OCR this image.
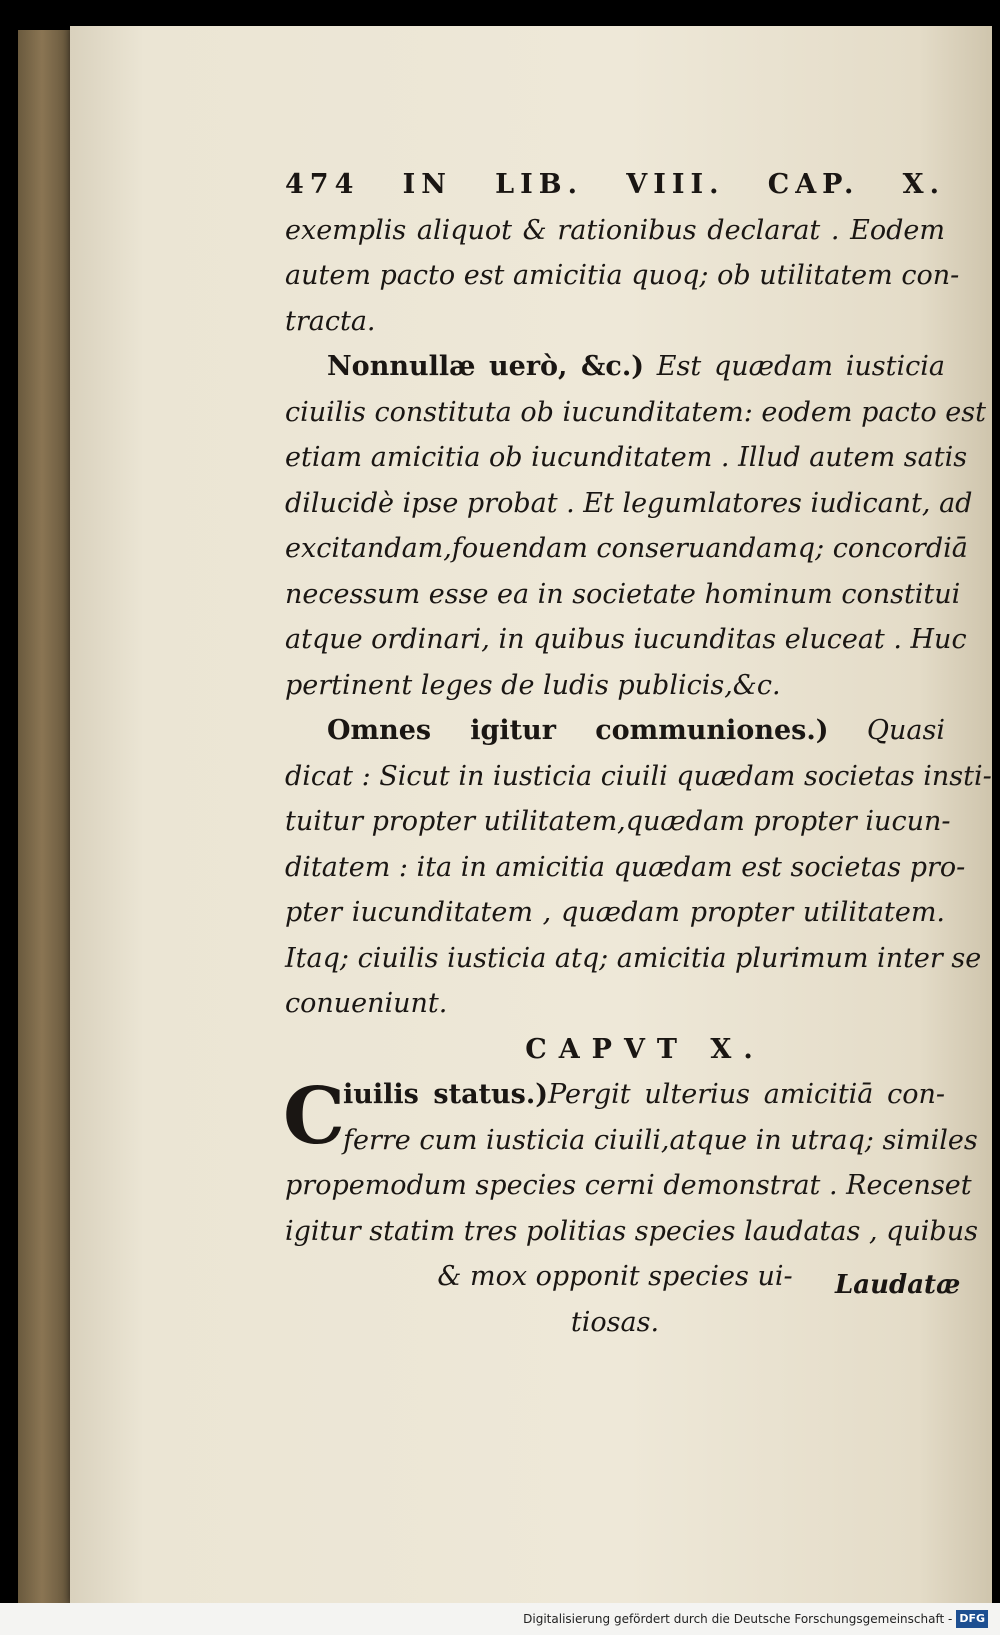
474 IN LIB. VIII. CAP. X.
exemplis aliquot & rationibus declarat . Eodem
autem pacto est amicitia quoq; ob utilitatem con-
tracta.
Nonnullæ uerò, &c.) Est quædam iusticia
ciuilis constituta ob iucunditatem: eodem pacto est
etiam amicitia ob iucunditatem . Illud autem satis
dilucidè ipse probat . Et legumlatores iudicant, ad
excitandam,fouendam conseruandamq; concordiā
necessum esse ea in societate hominum constitui
atque ordinari, in quibus iucunditas eluceat . Huc
pertinent leges de ludis publicis,&c.
Omnes igitur communiones.) Quasi
dicat : Sicut in iusticia ciuili quædam societas insti-
tuitur propter utilitatem,quædam propter iucun-
ditatem : ita in amicitia quædam est societas pro-
pter iucunditatem , quædam propter utilitatem.
Itaq; ciuilis iusticia atq; amicitia plurimum inter se
conueniunt.
CAPVT X.
C
iuilis status.)Pergit ulterius amicitiā con-
ferre cum iusticia ciuili,atque in utraq; similes
propemodum species cerni demonstrat . Recenset
igitur statim tres politias species laudatas , quibus
& mox opponit species ui-
tiosas.
Laudatæ
Digitalisierung gefördert durch die Deutsche Forschungsgemeinschaft - DFG
